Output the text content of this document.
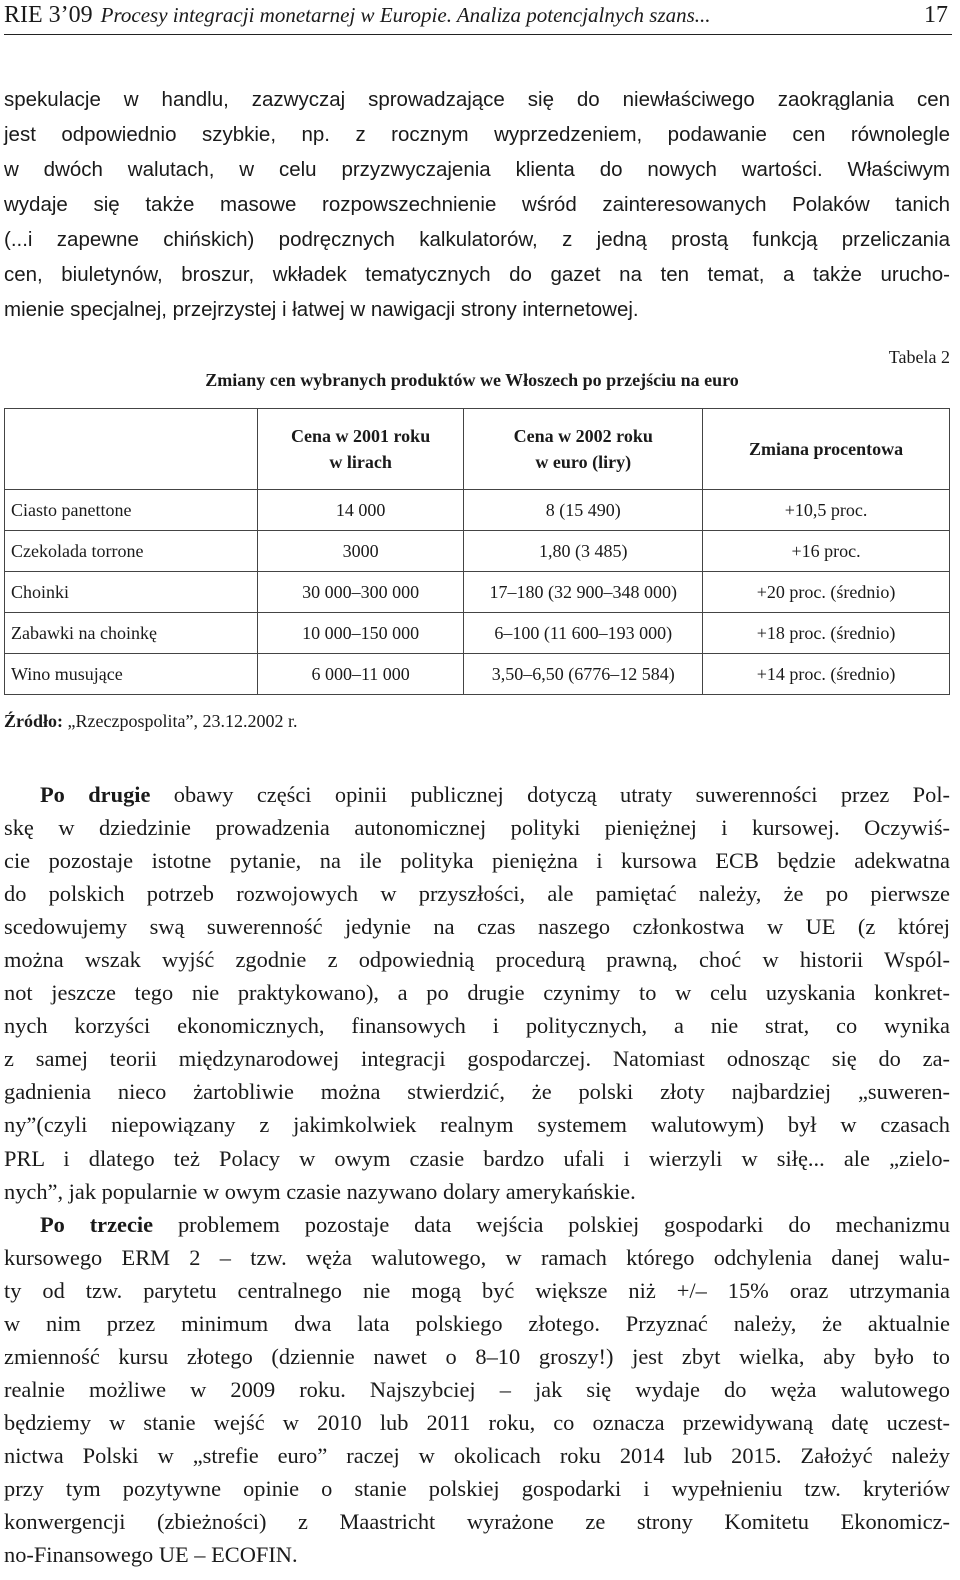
RIE 3’09 Procesy integracji monetarnej w Europie. Analiza potencjalnych szans...	17
spekulacje w handlu, zazwyczaj sprowadzające się do niewłaściwego zaokrąglania cen
jest odpowiednio szybkie, np. z rocznym wyprzedzeniem, podawanie cen równolegle
w dwóch walutach, w celu przyzwyczajenia klienta do nowych wartości. Właściwym
wydaje się także masowe rozpowszechnienie wśród zainteresowanych Polaków tanich
(...i zapewne chińskich) podręcznych kalkulatorów, z jedną prostą funkcją przeliczania
cen, biuletynów, broszur, wkładek tematycznych do gazet na ten temat, a także urucho-
mienie specjalnej, przejrzystej i łatwej w nawigacji strony internetowej.
Tabela 2
Zmiany cen wybranych produktów we Włoszech po przejściu na euro
	Cena w 2001 roku
w lirach	Cena w 2002 roku
w euro (liry)	Zmiana procentowa
Ciasto panettone	14 000	8 (15 490)	+10,5 proc.
Czekolada torrone	3000	1,80 (3 485)	+16 proc.
Choinki	30 000–300 000	17–180 (32 900–348 000)	+20 proc. (średnio)
Zabawki na choinkę	10 000–150 000	6–100 (11 600–193 000)	+18 proc. (średnio)
Wino musujące	6 000–11 000	3,50–6,50 (6776–12 584)	+14 proc. (średnio)
Źródło: „Rzeczpospolita”, 23.12.2002 r.
Po drugie obawy części opinii publicznej dotyczą utraty suwerenności przez Pol-
skę w dziedzinie prowadzenia autonomicznej polityki pieniężnej i kursowej. Oczywiś-
cie pozostaje istotne pytanie, na ile polityka pieniężna i kursowa ECB będzie adekwatna
do polskich potrzeb rozwojowych w przyszłości, ale pamiętać należy, że po pierwsze
scedowujemy swą suwerenność jedynie na czas naszego członkostwa w UE (z której
można wszak wyjść zgodnie z odpowiednią procedurą prawną, choć w historii Wspól-
not jeszcze tego nie praktykowano), a po drugie czynimy to w celu uzyskania konkret-
nych korzyści ekonomicznych, finansowych i politycznych, a nie strat, co wynika
z samej teorii międzynarodowej integracji gospodarczej. Natomiast odnosząc się do za-
gadnienia nieco żartobliwie można stwierdzić, że polski złoty najbardziej „suweren-
ny”(czyli niepowiązany z jakimkolwiek realnym systemem walutowym) był w czasach
PRL i dlatego też Polacy w owym czasie bardzo ufali i wierzyli w siłę... ale „zielo-
nych”, jak popularnie w owym czasie nazywano dolary amerykańskie.
Po trzecie problemem pozostaje data wejścia polskiej gospodarki do mechanizmu
kursowego ERM 2 – tzw. węża walutowego, w ramach którego odchylenia danej walu-
ty od tzw. parytetu centralnego nie mogą być większe niż +/– 15% oraz utrzymania
w nim przez minimum dwa lata polskiego złotego. Przyznać należy, że aktualnie
zmienność kursu złotego (dziennie nawet o 8–10 groszy!) jest zbyt wielka, aby było to
realnie możliwe w 2009 roku. Najszybciej – jak się wydaje do węża walutowego
będziemy w stanie wejść w 2010 lub 2011 roku, co oznacza przewidywaną datę uczest-
nictwa Polski w „strefie euro” raczej w okolicach roku 2014 lub 2015. Założyć należy
przy tym pozytywne opinie o stanie polskiej gospodarki i wypełnieniu tzw. kryteriów
konwergencji (zbieżności) z Maastricht wyrażone ze strony Komitetu Ekonomicz-
no-Finansowego UE – ECOFIN.
